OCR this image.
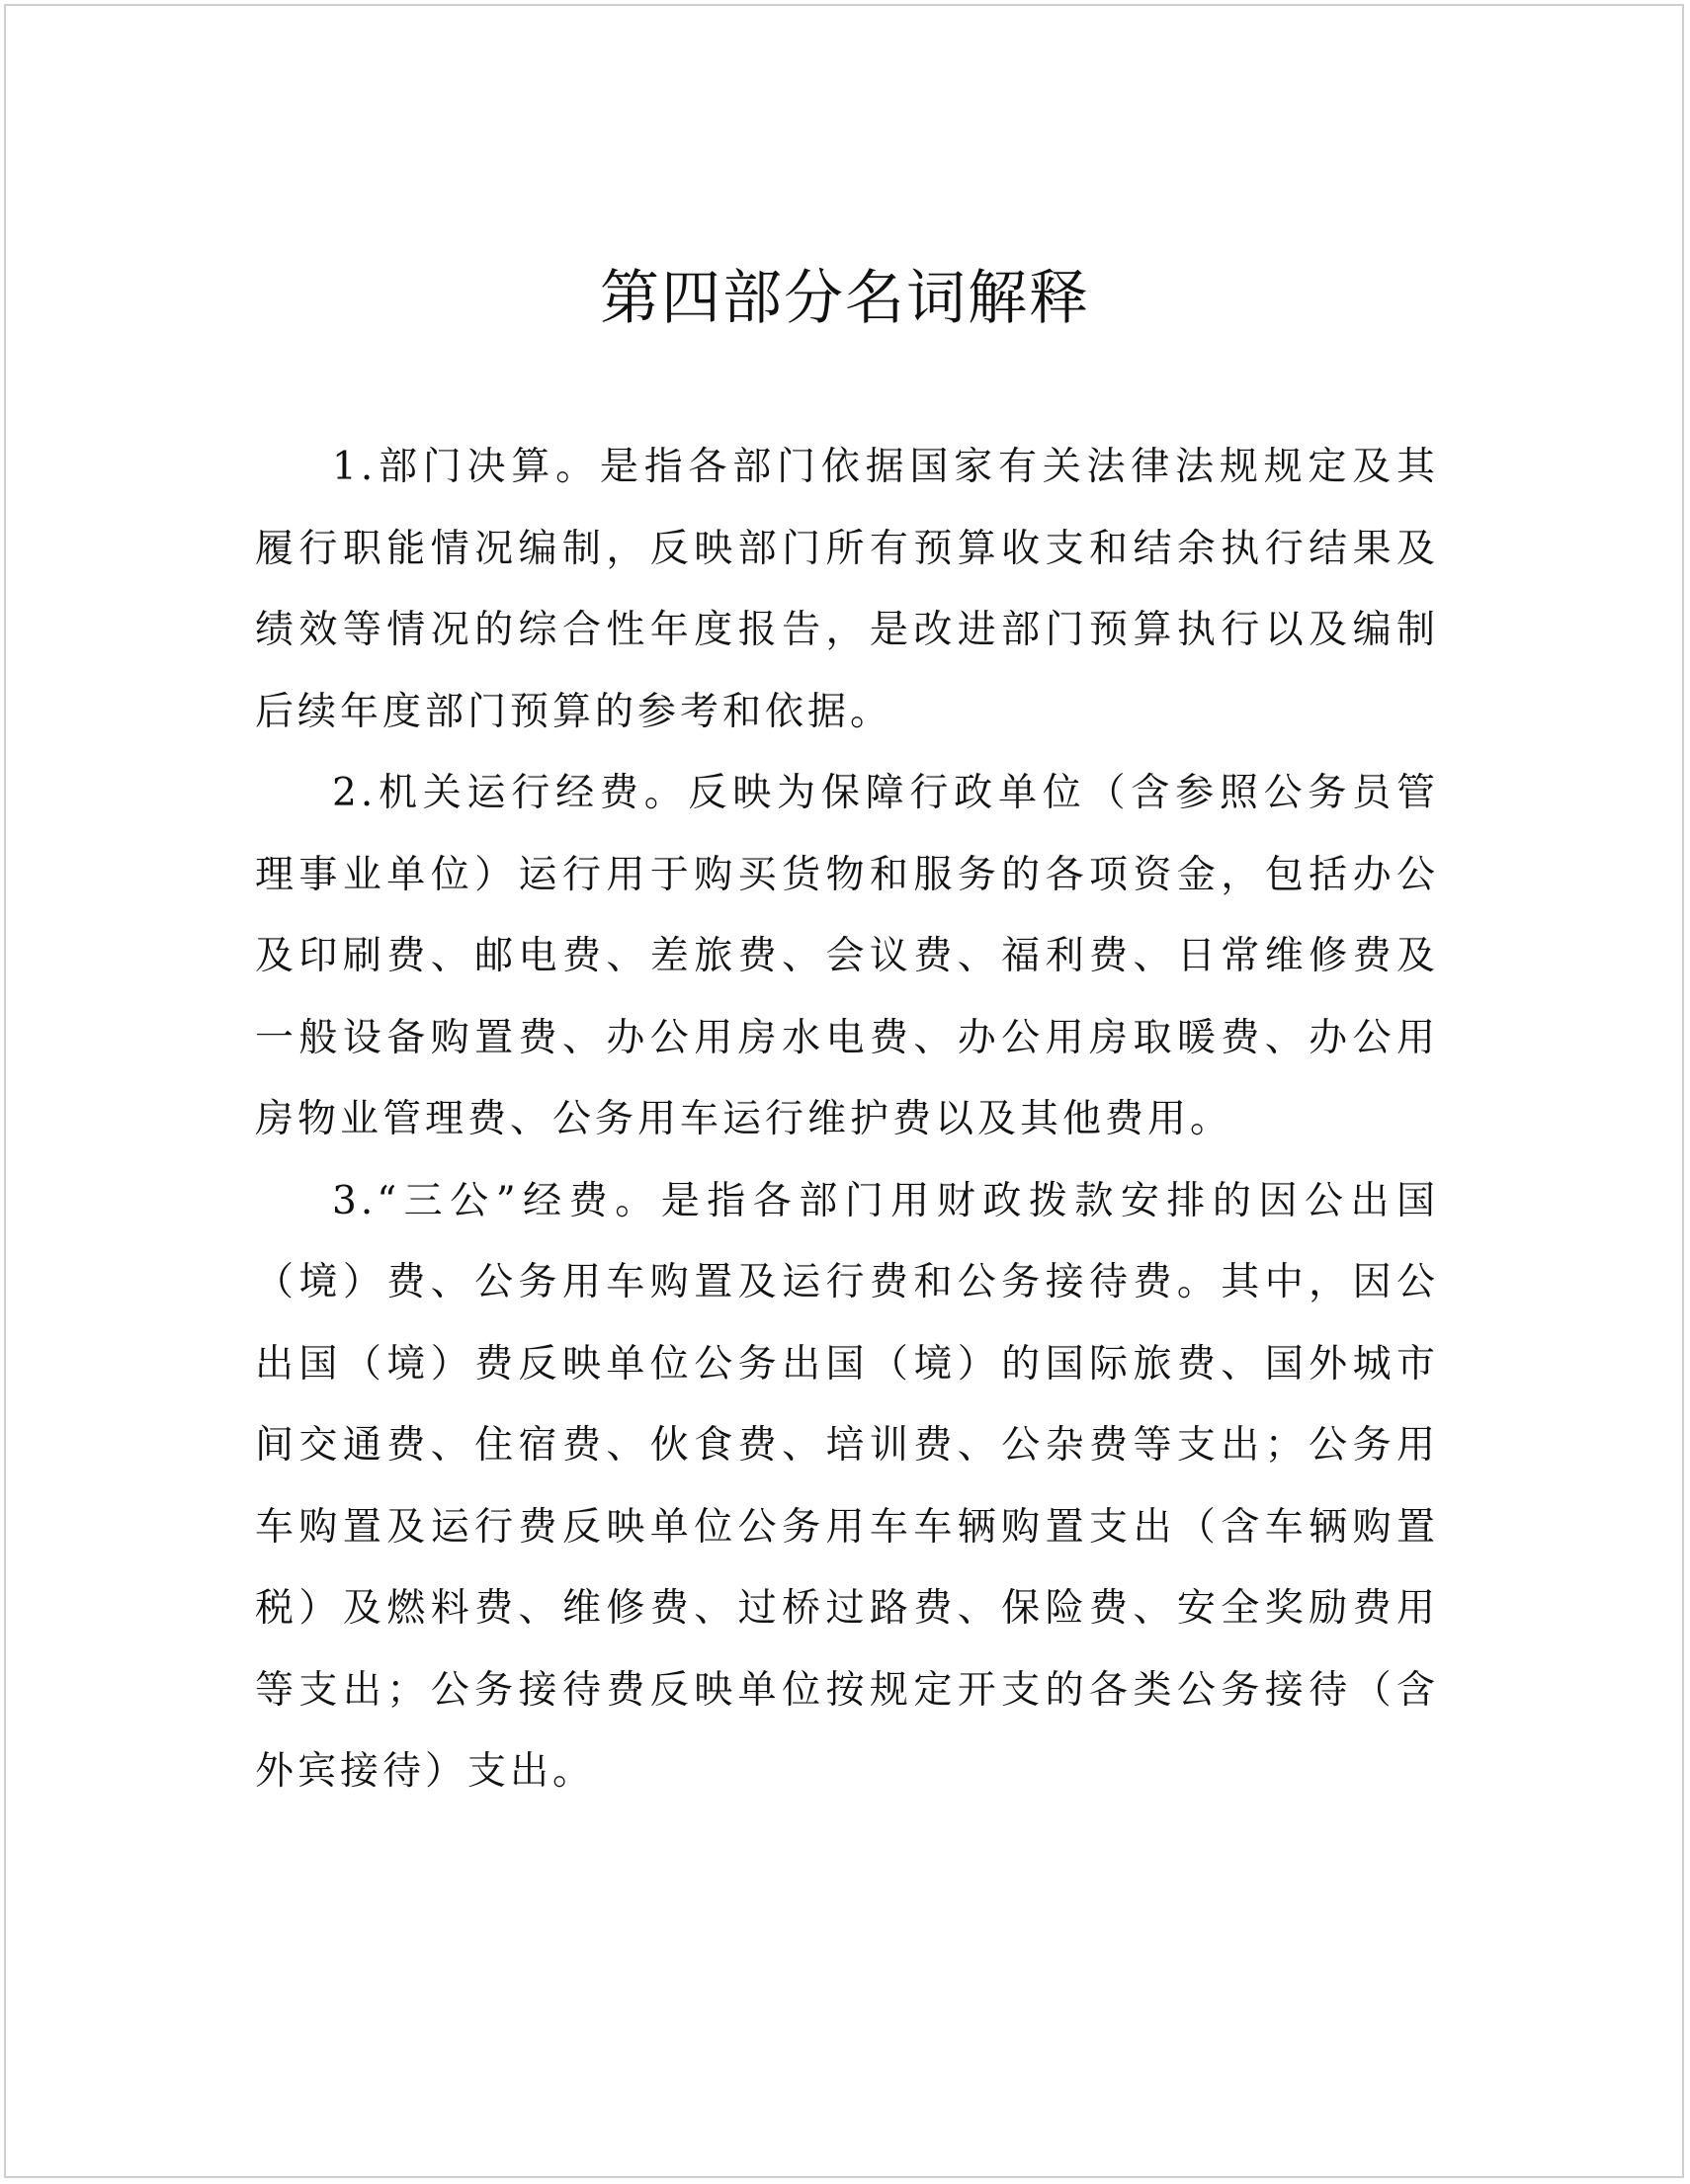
第四部分名词解释

1.部门决算。是指各部门依据国家有关法律法规规定及其履行职能情况编制，反映部门所有预算收支和结余执行结果及绩效等情况的综合性年度报告，是改进部门预算执行以及编制后续年度部门预算的参考和依据。

2.机关运行经费。反映为保障行政单位（含参照公务员管理事业单位）运行用于购买货物和服务的各项资金，包括办公及印刷费、邮电费、差旅费、会议费、福利费、日常维修费及一般设备购置费、办公用房水电费、办公用房取暖费、办公用房物业管理费、公务用车运行维护费以及其他费用。

3.“三公”经费。是指各部门用财政拨款安排的因公出国（境）费、公务用车购置及运行费和公务接待费。其中，因公出国（境）费反映单位公务出国（境）的国际旅费、国外城市间交通费、住宿费、伙食费、培训费、公杂费等支出；公务用车购置及运行费反映单位公务用车车辆购置支出（含车辆购置税）及燃料费、维修费、过桥过路费、保险费、安全奖励费用等支出；公务接待费反映单位按规定开支的各类公务接待（含外宾接待）支出。
